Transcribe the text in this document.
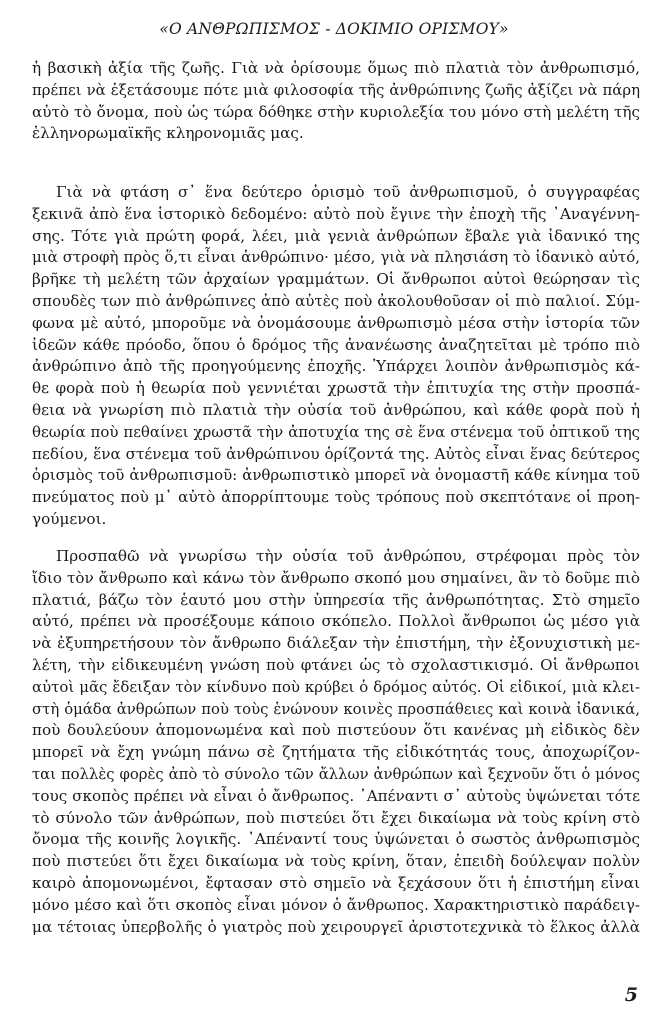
«Ο ΑΝΘΡΩΠΙΣΜΟΣ - ΔΟΚΙΜΙΟ ΟΡΙΣΜΟΥ»
ἡ βασικὴ ἀξία τῆς ζωῆς. Γιὰ νὰ ὁρίσουμε ὅμως πιὸ πλατιὰ τὸν ἀνθρωπισμό,
πρέπει νὰ ἐξετάσουμε πότε μιὰ φιλοσοφία τῆς ἀνθρώπινης ζωῆς ἀξίζει νὰ πάρη
αὐτὸ τὸ ὄνομα, ποὺ ὡς τώρα δόθηκε στὴν κυριολεξία του μόνο στὴ μελέτη τῆς
ἑλληνορωμαϊκῆς κληρονομιᾶς μας.
Γιὰ νὰ φτάση σ᾽ ἕνα δεύτερο ὁρισμὸ τοῦ ἀνθρωπισμοῦ, ὁ συγγραφέας
ξεκινᾶ ἀπὸ ἕνα ἱστορικὸ δεδομένο: αὐτὸ ποὺ ἔγινε τὴν ἐποχὴ τῆς ᾽Αναγέννη-
σης. Τότε γιὰ πρώτη φορά, λέει, μιὰ γενιὰ ἀνθρώπων ἔβαλε γιὰ ἰδανικό της
μιὰ στροφὴ πρὸς ὅ,τι εἶναι ἀνθρώπινο· μέσο, γιὰ νὰ πλησιάση τὸ ἰδανικὸ αὐτό,
βρῆκε τὴ μελέτη τῶν ἀρχαίων γραμμάτων. Οἱ ἄνθρωποι αὐτοὶ θεώρησαν τὶς
σπουδὲς των πιὸ ἀνθρώπινες ἀπὸ αὐτὲς ποὺ ἀκολουθοῦσαν οἱ πιὸ παλιοί. Σύμ-
φωνα μὲ αὐτό, μποροῦμε νὰ ὀνομάσουμε ἀνθρωπισμὸ μέσα στὴν ἱστορία τῶν
ἰδεῶν κάθε πρόοδο, ὅπου ὁ δρόμος τῆς ἀνανέωσης ἀναζητεῖται μὲ τρόπο πιὸ
ἀνθρώπινο ἀπὸ τῆς προηγούμενης ἐποχῆς. Ὑπάρχει λοιπὸν ἀνθρωπισμὸς κά-
θε φορὰ ποὺ ἡ θεωρία ποὺ γεννιέται χρωστᾶ τὴν ἐπιτυχία της στὴν προσπά-
θεια νὰ γνωρίση πιὸ πλατιὰ τὴν οὐσία τοῦ ἀνθρώπου, καὶ κάθε φορὰ ποὺ ἡ
θεωρία ποὺ πεθαίνει χρωστᾶ τὴν ἀποτυχία της σὲ ἕνα στένεμα τοῦ ὀπτικοῦ της
πεδίου, ἕνα στένεμα τοῦ ἀνθρώπινου ὁρίζοντά της. Αὐτὸς εἶναι ἕνας δεύτερος
ὁρισμὸς τοῦ ἀνθρωπισμοῦ: ἀνθρωπιστικὸ μπορεῖ νὰ ὀνομαστῆ κάθε κίνημα τοῦ
πνεύματος ποὺ μ᾽ αὐτὸ ἀπορρίπτουμε τοὺς τρόπους ποὺ σκεπτότανε οἱ προη-
γούμενοι.
Προσπαθῶ νὰ γνωρίσω τὴν οὐσία τοῦ ἀνθρώπου, στρέφομαι πρὸς τὸν
ἴδιο τὸν ἄνθρωπο καὶ κάνω τὸν ἄνθρωπο σκοπό μου σημαίνει, ἂν τὸ δοῦμε πιὸ
πλατιά, βάζω τὸν ἑαυτό μου στὴν ὑπηρεσία τῆς ἀνθρωπότητας. Στὸ σημεῖο
αὐτό, πρέπει νὰ προσέξουμε κάποιο σκόπελο. Πολλοὶ ἄνθρωποι ὡς μέσο γιὰ
νὰ ἐξυπηρετήσουν τὸν ἄνθρωπο διάλεξαν τὴν ἐπιστήμη, τὴν ἐξονυχιστικὴ με-
λέτη, τὴν εἰδικευμένη γνώση ποὺ φτάνει ὡς τὸ σχολαστικισμό. Οἱ ἄνθρωποι
αὐτοὶ μᾶς ἔδειξαν τὸν κίνδυνο ποὺ κρύβει ὁ δρόμος αὐτός. Οἱ εἰδικοί, μιὰ κλει-
στὴ ὁμάδα ἀνθρώπων ποὺ τοὺς ἑνώνουν κοινὲς προσπάθειες καὶ κοινὰ ἰδανικά,
ποὺ δουλεύουν ἀπομονωμένα καὶ ποὺ πιστεύουν ὅτι κανένας μὴ εἰδικὸς δὲν
μπορεῖ νὰ ἔχη γνώμη πάνω σὲ ζητήματα τῆς εἰδικότητάς τους, ἀποχωρίζον-
ται πολλὲς φορὲς ἀπὸ τὸ σύνολο τῶν ἄλλων ἀνθρώπων καὶ ξεχνοῦν ὅτι ὁ μόνος
τους σκοπὸς πρέπει νὰ εἶναι ὁ ἄνθρωπος. ᾽Απέναντι σ᾽ αὐτοὺς ὑψώνεται τότε
τὸ σύνολο τῶν ἀνθρώπων, ποὺ πιστεύει ὅτι ἔχει δικαίωμα νὰ τοὺς κρίνη στὸ
ὄνομα τῆς κοινῆς λογικῆς. ᾽Απέναντί τους ὑψώνεται ὁ σωστὸς ἀνθρωπισμὸς
ποὺ πιστεύει ὅτι ἔχει δικαίωμα νὰ τοὺς κρίνη, ὅταν, ἐπειδὴ δούλεψαν πολὺν
καιρὸ ἀπομονωμένοι, ἔφτασαν στὸ σημεῖο νὰ ξεχάσουν ὅτι ἡ ἐπιστήμη εἶναι
μόνο μέσο καὶ ὅτι σκοπὸς εἶναι μόνον ὁ ἄνθρωπος. Χαρακτηριστικὸ παράδειγ-
μα τέτοιας ὑπερβολῆς ὁ γιατρὸς ποὺ χειρουργεῖ ἀριστοτεχνικὰ τὸ ἕλκος ἀλλὰ
5
